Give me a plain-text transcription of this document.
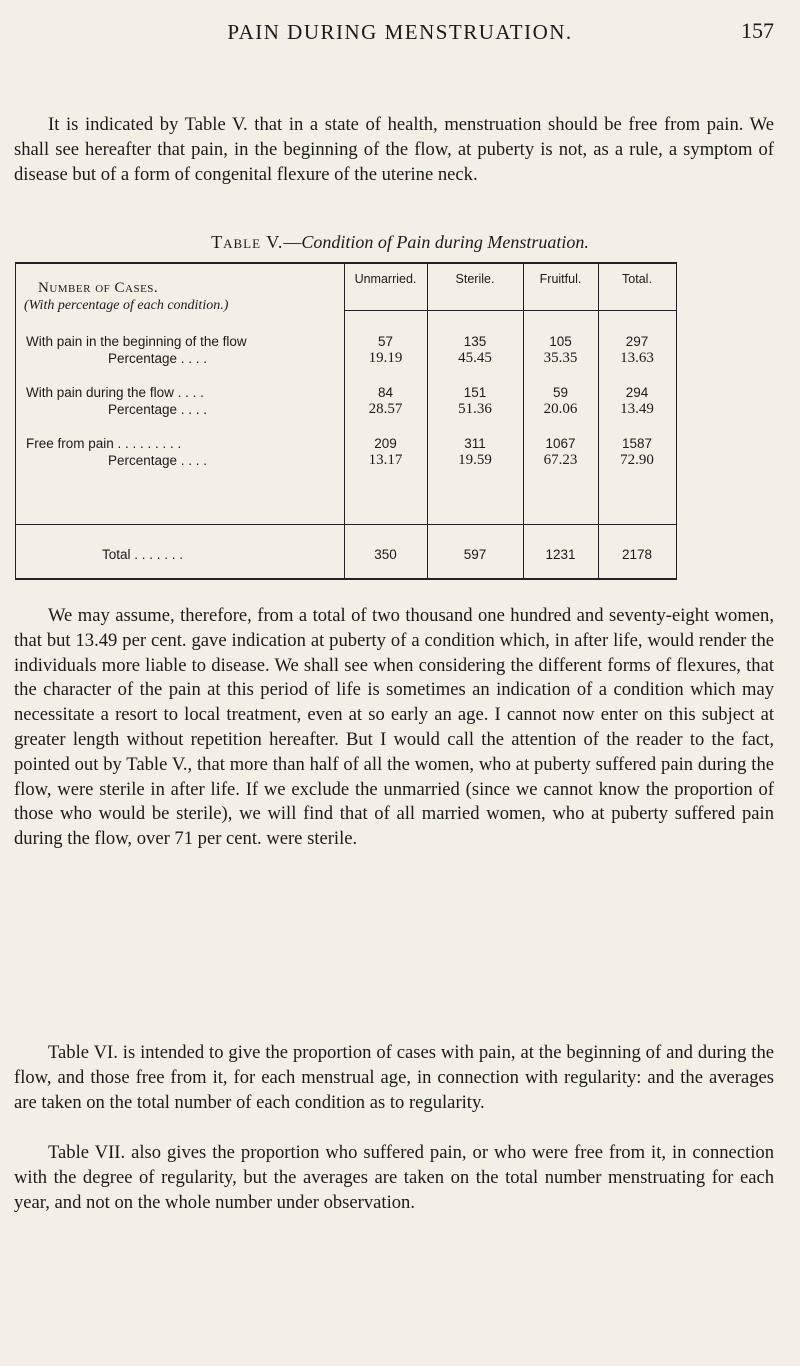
PAIN DURING MENSTRUATION.	157

It is indicated by Table V. that in a state of health, menstruation should be free from pain. We shall see hereafter that pain, in the beginning of the flow, at puberty is not, as a rule, a symptom of disease but of a form of congenital flexure of the uterine neck.

Table V.—Condition of Pain during Menstruation.
Number of Cases.
(With percentage of each condition.)
Unmarried.	Sterile.	Fruitful.	Total.
With pain in the beginning of the flow	57	135	105	297
Percentage . . . .	19.19	45.45	35.35	13.63
With pain during the flow . . . .	84	151	59	294
Percentage . . . .	28.57	51.36	20.06	13.49
Free from pain . . . . . . . . .	209	311	1067	1587
Percentage . . . .	13.17	19.59	67.23	72.90
Total . . . . . . .	350	597	1231	2178

We may assume, therefore, from a total of two thousand one hundred and seventy-eight women, that but 13.49 per cent. gave indication at puberty of a condition which, in after life, would render the individuals more liable to disease. We shall see when considering the different forms of flexures, that the character of the pain at this period of life is sometimes an indication of a condition which may necessitate a resort to local treatment, even at so early an age. I cannot now enter on this subject at greater length without repetition hereafter. But I would call the attention of the reader to the fact, pointed out by Table V., that more than half of all the women, who at puberty suffered pain during the flow, were sterile in after life. If we exclude the unmarried (since we cannot know the proportion of those who would be sterile), we will find that of all married women, who at puberty suffered pain during the flow, over 71 per cent. were sterile.

Table VI. is intended to give the proportion of cases with pain, at the beginning of and during the flow, and those free from it, for each menstrual age, in connection with regularity: and the averages are taken on the total number of each condition as to regularity.

Table VII. also gives the proportion who suffered pain, or who were free from it, in connection with the degree of regularity, but the averages are taken on the total number menstruating for each year, and not on the whole number under observation.
